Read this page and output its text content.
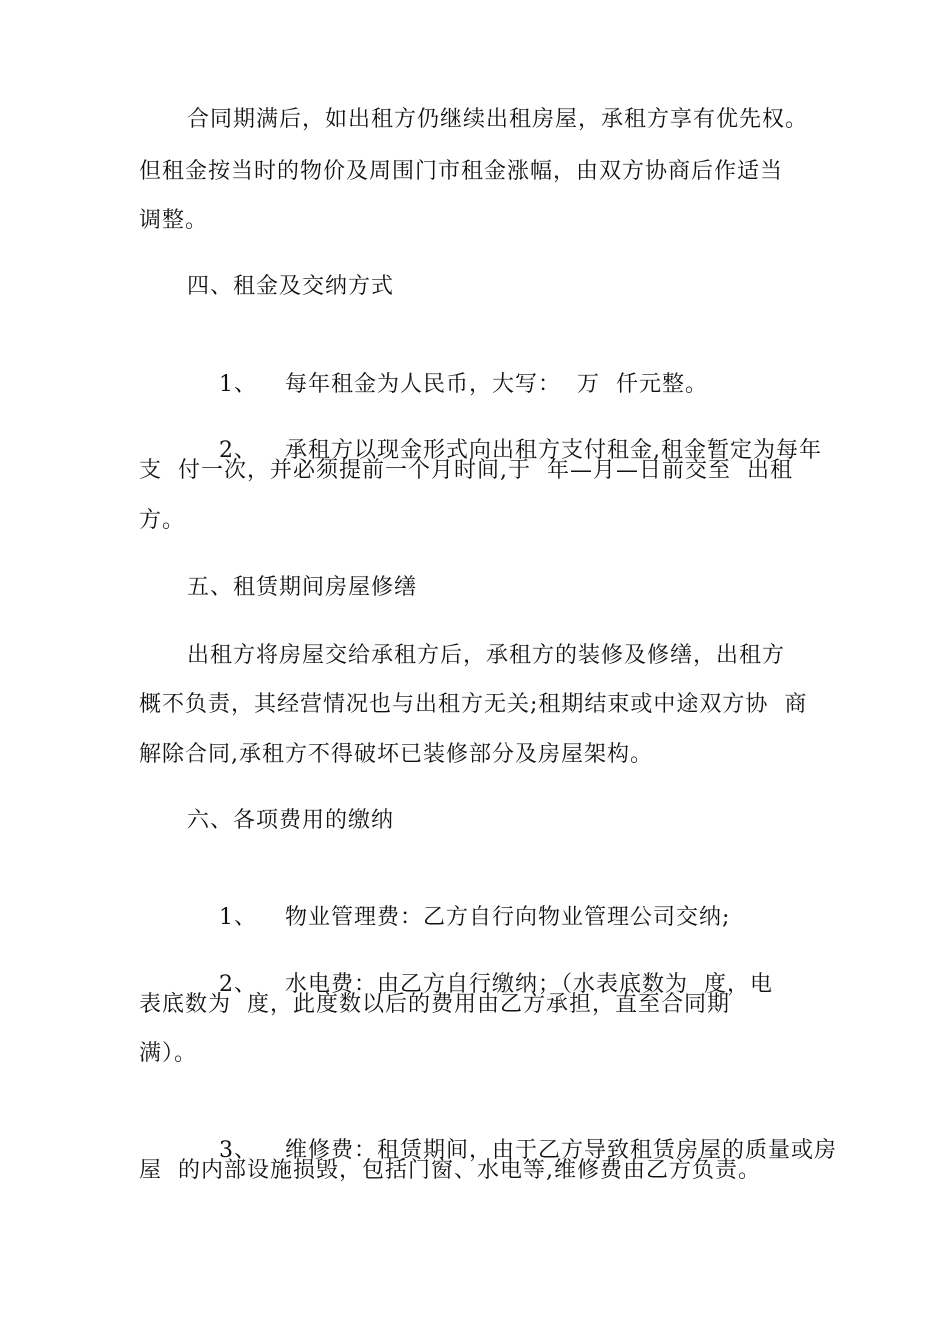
合同期满后，如出租方仍继续出租房屋，承租方享有优先权。
但租金按当时的物价及周围门市租金涨幅，由双方协商后作适当
调整。
四、租金及交纳方式

1、 每年租金为人民币，大写：  万  仟元整。

2、 承租方以现金形式向出租方支付租金,租金暂定为每年

支  付一次，并必须提前一个月时间,于  年—月—日前交至  出租
方。
五、租赁期间房屋修缮
出租方将房屋交给承租方后，承租方的装修及修缮，出租方
概不负责，其经营情况也与出租方无关;租期结束或中途双方协  商
解除合同,承租方不得破坏已装修部分及房屋架构。
六、各项费用的缴纳

1、 物业管理费：乙方自行向物业管理公司交纳;

2、 水电费：由乙方自行缴纳；（水表底数为  度，电

表底数为  度，此度数以后的费用由乙方承担，直至合同期
满）。

3、 维修费：租赁期间，由于乙方导致租赁房屋的质量或房

屋  的内部设施损毁，包括门窗、水电等,维修费由乙方负责。
